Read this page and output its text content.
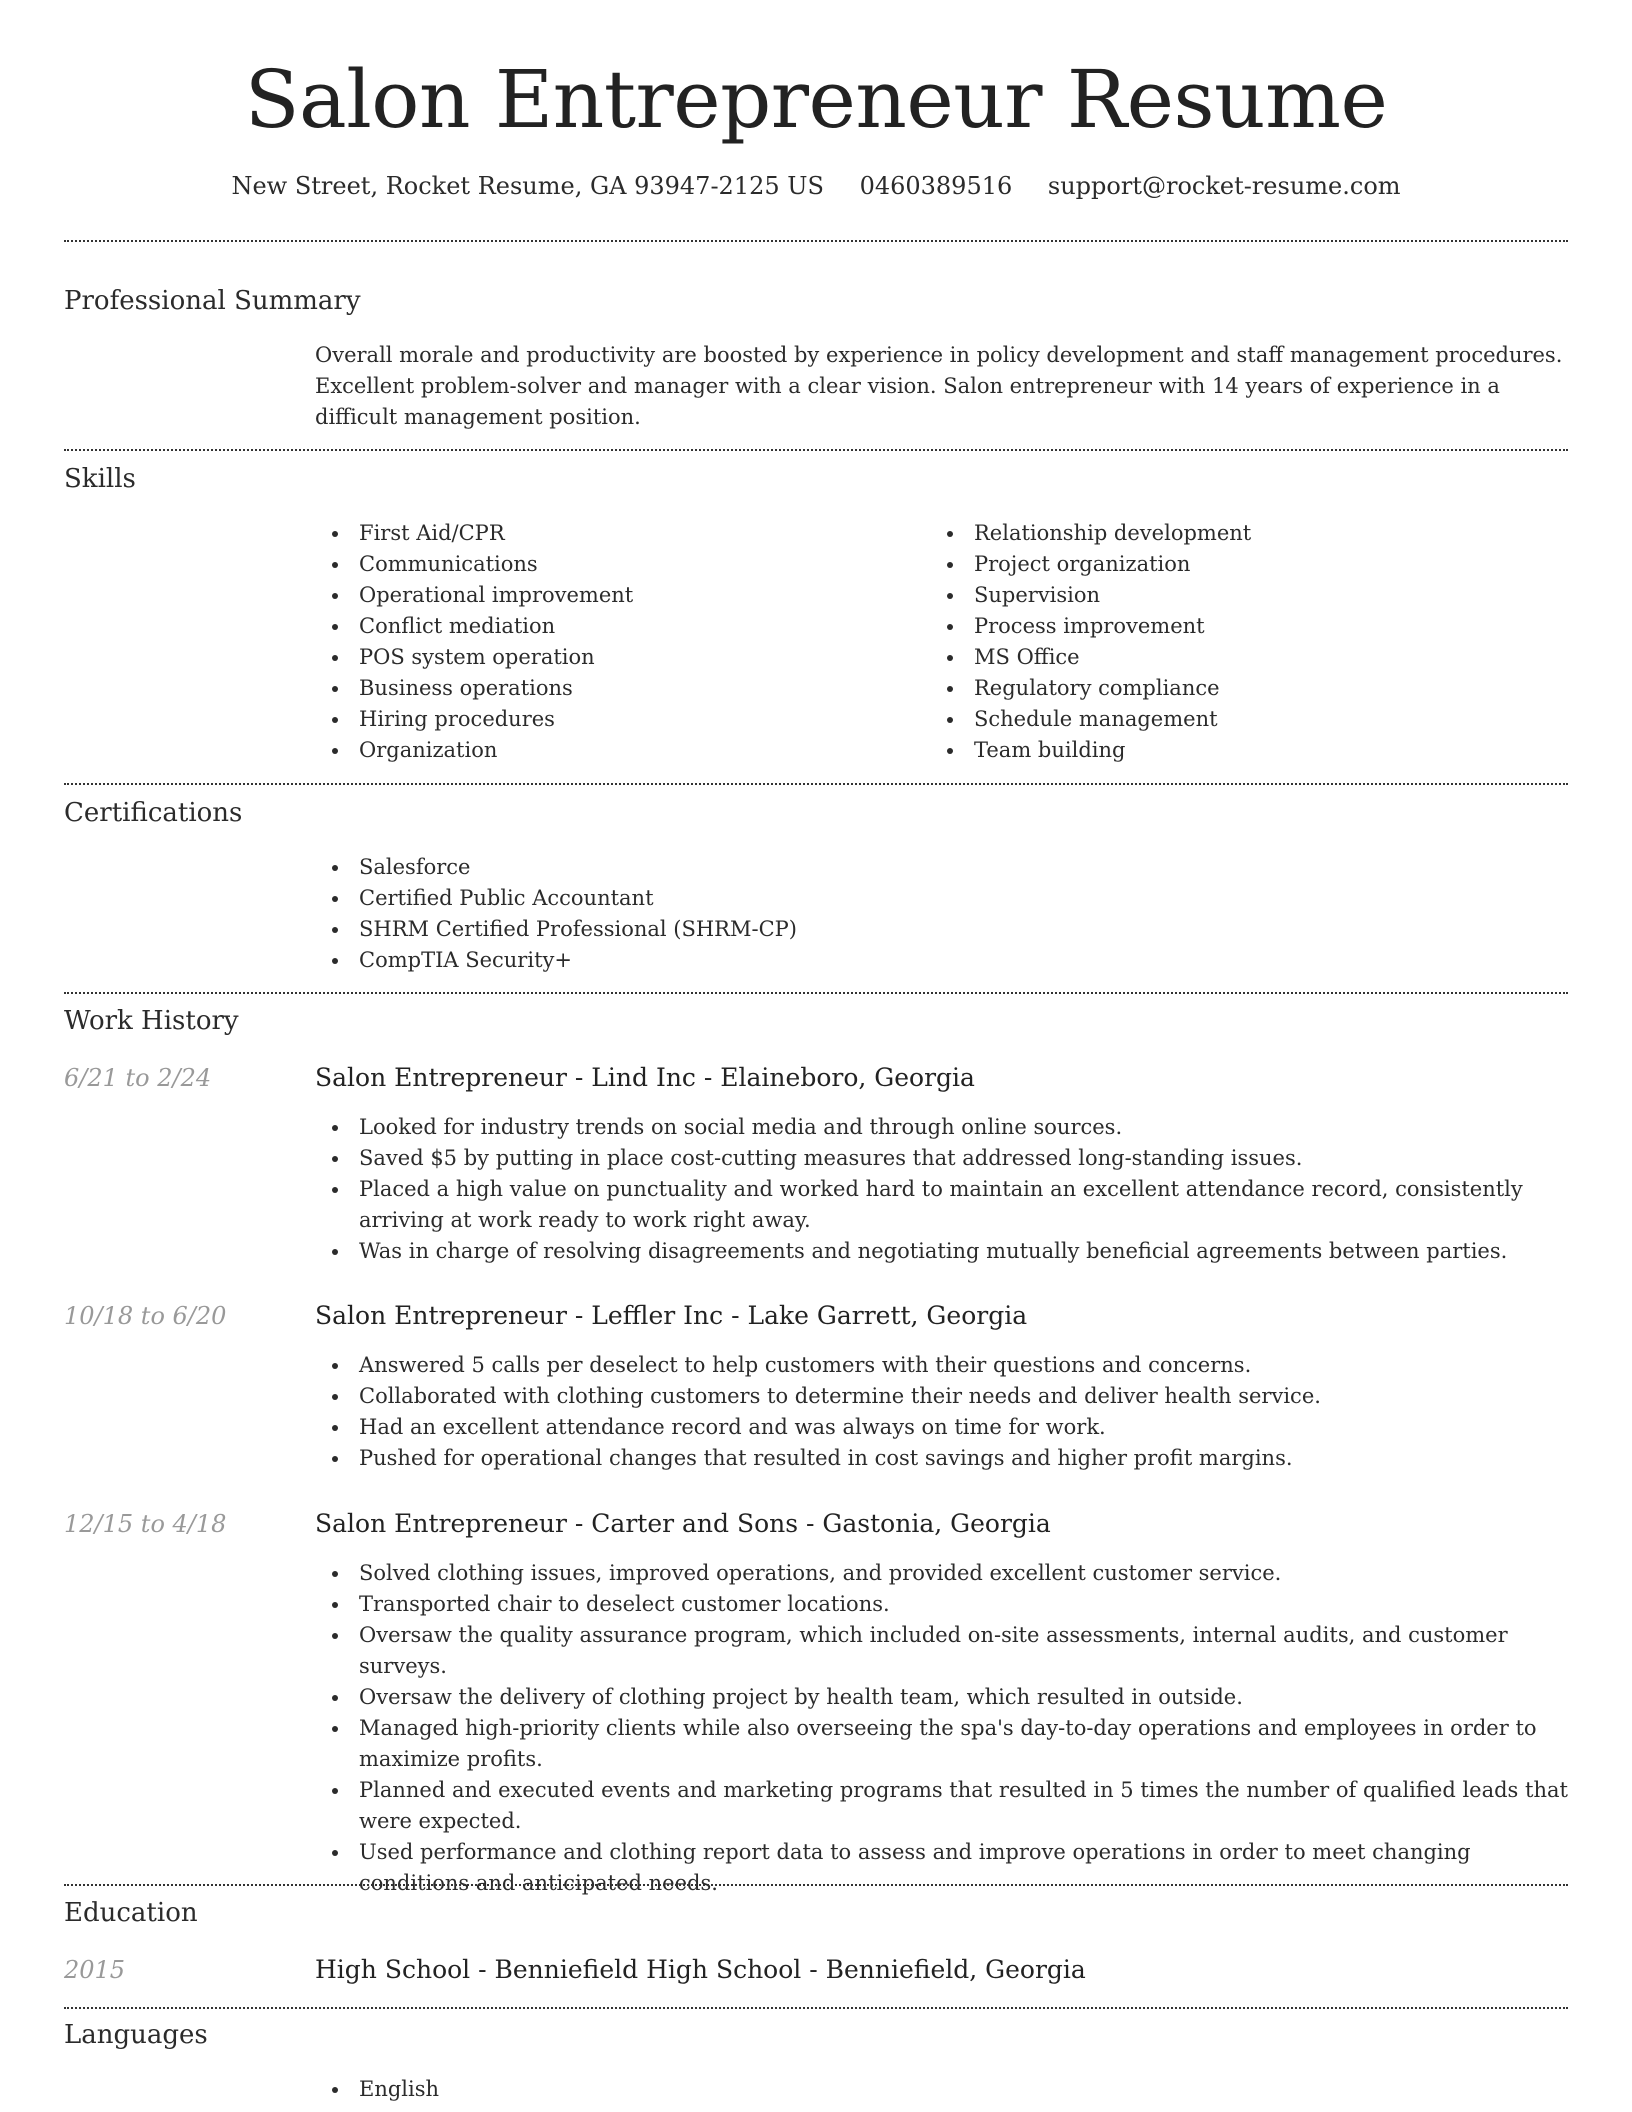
Salon Entrepreneur Resume
New Street, Rocket Resume, GA 93947-2125 US 0460389516 support@rocket-resume.com
Professional Summary
Overall morale and productivity are boosted by experience in policy development and staff management procedures. Excellent problem-solver and manager with a clear vision. Salon entrepreneur with 14 years of experience in a difficult management position.
Skills
First Aid/CPR
Communications
Operational improvement
Conflict mediation
POS system operation
Business operations
Hiring procedures
Organization
Relationship development
Project organization
Supervision
Process improvement
MS Office
Regulatory compliance
Schedule management
Team building
Certifications
Salesforce
Certified Public Accountant
SHRM Certified Professional (SHRM-CP)
CompTIA Security+
Work History
6/21 to 2/24	Salon Entrepreneur - Lind Inc - Elaineboro, Georgia
Looked for industry trends on social media and through online sources.
Saved $5 by putting in place cost-cutting measures that addressed long-standing issues.
Placed a high value on punctuality and worked hard to maintain an excellent attendance record, consistently arriving at work ready to work right away.
Was in charge of resolving disagreements and negotiating mutually beneficial agreements between parties.
10/18 to 6/20	Salon Entrepreneur - Leffler Inc - Lake Garrett, Georgia
Answered 5 calls per deselect to help customers with their questions and concerns.
Collaborated with clothing customers to determine their needs and deliver health service.
Had an excellent attendance record and was always on time for work.
Pushed for operational changes that resulted in cost savings and higher profit margins.
12/15 to 4/18	Salon Entrepreneur - Carter and Sons - Gastonia, Georgia
Solved clothing issues, improved operations, and provided excellent customer service.
Transported chair to deselect customer locations.
Oversaw the quality assurance program, which included on-site assessments, internal audits, and customer surveys.
Oversaw the delivery of clothing project by health team, which resulted in outside.
Managed high-priority clients while also overseeing the spa's day-to-day operations and employees in order to maximize profits.
Planned and executed events and marketing programs that resulted in 5 times the number of qualified leads that were expected.
Used performance and clothing report data to assess and improve operations in order to meet changing conditions and anticipated needs.
Education
2015	High School - Benniefield High School - Benniefield, Georgia
Languages
English
